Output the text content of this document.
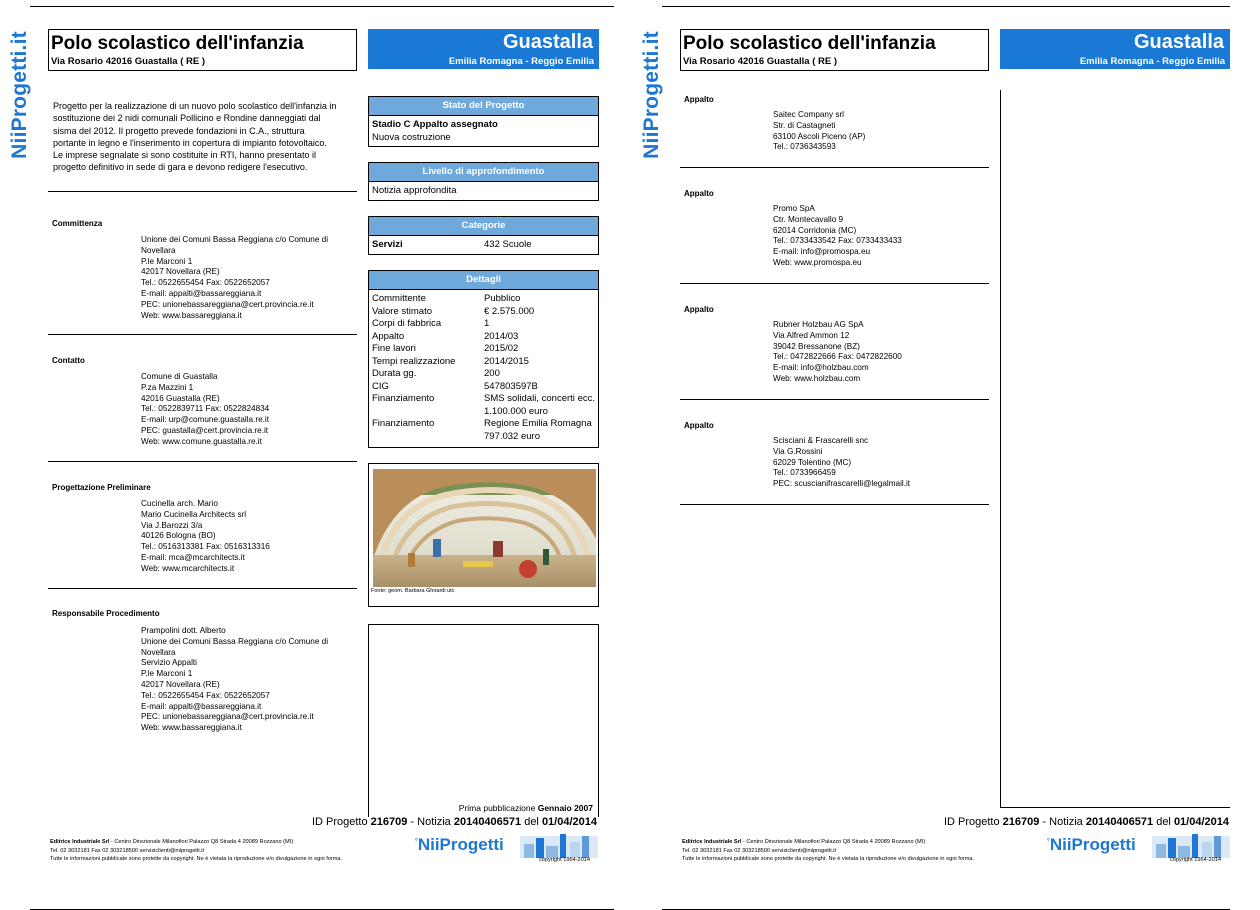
NiiProgetti.it Polo scolastico dell'infanzia
Via Rosario 42016 Guastalla ( RE )
Guastalla
Emilia Romagna - Reggio Emilia
Progetto per la realizzazione di un nuovo polo scolastico dell'infanzia in sostituzione dei 2 nidi comunali Pollicino e Rondine danneggiati dal sisma del 2012. Il progetto prevede fondazioni in C.A., struttura portante in legno e l'inserimento in copertura di impianto fotovoltaico. Le imprese segnalate si sono costituite in RTI, hanno presentato il progetto definitivo in sede di gara e devono redigere l'esecutivo.
Committenza
Unione dei Comuni Bassa Reggiana c/o Comune di
Novellara
P.le Marconi 1
42017 Novellara (RE)
Tel.: 0522655454 Fax: 0522652057
E-mail: appalti@bassareggiana.it
PEC: unionebassareggiana@cert.provincia.re.it
Web: www.bassareggiana.it
Contatto
Comune di Guastalla
P.za Mazzini 1
42016 Guastalla (RE)
Tel.: 0522839711 Fax: 0522824834
E-mail: urp@comune.guastalla.re.it
PEC: guastalla@cert.provincia.re.it
Web: www.comune.guastalla.re.it
Progettazione Preliminare
Cucinella arch. Mario
Mario Cucinella Architects srl
Via J.Barozzi 3/a
40126 Bologna (BO)
Tel.: 0516313381 Fax: 0516313316
E-mail: mca@mcarchitects.it
Web: www.mcarchitects.it
Responsabile Procedimento
Prampolini dott. Alberto
Unione dei Comuni Bassa Reggiana c/o Comune di
Novellara
Servizio Appalti
P.le Marconi 1
42017 Novellara (RE)
Tel.: 0522655454 Fax: 0522652057
E-mail: appalti@bassareggiana.it
PEC: unionebassareggiana@cert.provincia.re.it
Web: www.bassareggiana.it
Stato del Progetto
Stadio C Appalto assegnato
Nuova costruzione
Livello di approfondimento
Notizia approfondita
Categorie
Servizi	432 Scuole
Dettagli
Committente	Pubblico
Valore stimato	€ 2.575.000
Corpi di fabbrica	1
Appalto	2014/03
Fine lavori	2015/02
Tempi realizzazione	2014/2015
Durata gg.	200
CIG	547803597B
Finanziamento	SMS solidali, concerti ecc. 1.100.000 euro
Finanziamento	Regione Emilia Romagna 797.032 euro
Fonte: geom. Barbara Ghirardi utc
Prima pubblicazione Gennaio 2007
ID Progetto 216709 - Notizia 20140406571 del 01/04/2014
Editrice Industriale Srl - Centro Direzionale Milanofiori Palazzo Q8 Strada 4 20089 Rozzano (MI)
Tel. 02 3032181 Fax 02 303218500 serviziclienti@niiprogetti.it
Tutte le informazioni pubblicate sono protette da copyright. Ne è vietata la riproduzione e/o divulgazione in ogni forma.
°NiiProgetti
copyright 1964-2014
NiiProgetti.it Polo scolastico dell'infanzia
Via Rosario 42016 Guastalla ( RE )
Guastalla
Emilia Romagna - Reggio Emilia
Appalto
Saitec Company srl
Str. di Castagneti
63100 Ascoli Piceno (AP)
Tel.: 0736343593
Appalto
Promo SpA
Ctr. Montecavallo 9
62014 Corridonia (MC)
Tel.: 0733433542 Fax: 0733433433
E-mail: info@promospa.eu
Web: www.promospa.eu
Appalto
Rubner Holzbau AG SpA
Via Alfred Ammon 12
39042 Bressanone (BZ)
Tel.: 0472822666 Fax: 0472822600
E-mail: info@holzbau.com
Web: www.holzbau.com
Appalto
Scisciani & Frascarelli snc
Via G.Rossini
62029 Tolentino (MC)
Tel.: 0733966459
PEC: scuscianifrascarelli@legalmail.it
ID Progetto 216709 - Notizia 20140406571 del 01/04/2014
Editrice Industriale Srl - Centro Direzionale Milanofiori Palazzo Q8 Strada 4 20089 Rozzano (MI)
Tel. 02 3032181 Fax 02 303218500 serviziclienti@niiprogetti.it
Tutte le informazioni pubblicate sono protette da copyright. Ne è vietata la riproduzione e/o divulgazione in ogni forma.
°NiiProgetti
copyright 1964-2014
